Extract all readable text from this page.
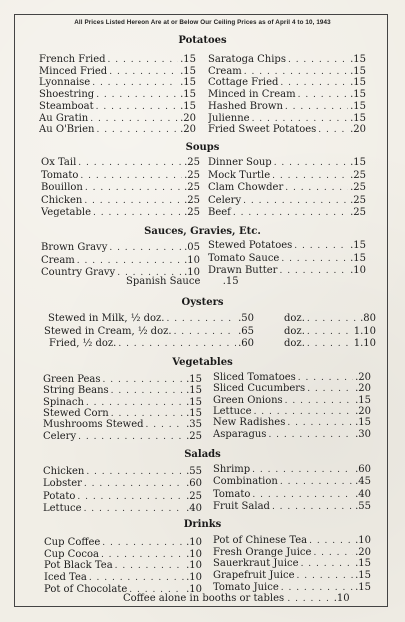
All Prices Listed Hereon Are at or Below Our Ceiling Prices as of April 4 to 10, 1943
Potatoes
French Fried . . .	.15
Minced Fried . . .	.15
Lyonnaise . . .	.15
Shoestring . . .	.15
Steamboat . . .	.15
Au Gratin . . .	.20
Au O'Brien . . .	.20
Saratoga Chips . . .	.15
Cream . . .	.15
Cottage Fried . . .	.15
Minced in Cream . . .	.15
Hashed Brown . . .	.15
Julienne . . .	.15
Fried Sweet Potatoes . . .	.20
Soups
Ox Tail . . .	.25
Tomato . . .	.25
Bouillon . . .	.25
Chicken . . .	.25
Vegetable . . .	.25
Dinner Soup . . .	.15
Mock Turtle . . .	.25
Clam Chowder . . .	.25
Celery . . .	.25
Beef . . .	.25
Sauces, Gravies, Etc.
Brown Gravy . . .	.05
Cream . . .	.10
Country Gravy . . .	.10
Stewed Potatoes . . .	.15
Tomato Sauce . . .	.15
Drawn Butter . . .	.10
Spanish Sauce .15
Oysters
Stewed in Milk, ½ doz. . . .	.50	doz. . . .	.80
Stewed in Cream, ½ doz. . . .	.65	doz. . . .	1.10
Fried, ½ doz. . . .	.60	doz. . . .	1.10
Vegetables
Green Peas . . .	.15
String Beans . . .	.15
Spinach . . .	.15
Stewed Corn . . .	.15
Mushrooms Stewed . . .	.35
Celery . . .	.25
Sliced Tomatoes . . .	.20
Sliced Cucumbers . . .	.20
Green Onions . . .	.15
Lettuce . . .	.20
New Radishes . . .	.15
Asparagus . . .	.30
Salads
Chicken . . .	.55
Lobster . . .	.60
Potato . . .	.25
Lettuce . . .	.40
Shrimp . . .	.60
Combination . . .	.45
Tomato . . .	.40
Fruit Salad . . .	.55
Drinks
Cup Coffee . . .	.10
Cup Cocoa . . .	.10
Pot Black Tea . . .	.10
Iced Tea . . .	.10
Pot of Chocolate . . .	.10
Pot of Chinese Tea . . .	.10
Fresh Orange Juice . . .	.20
Sauerkraut Juice . . .	.15
Grapefruit Juice . . .	.15
Tomato Juice . . .	.15
Coffee alone in booths or tables . . . . . . .10
